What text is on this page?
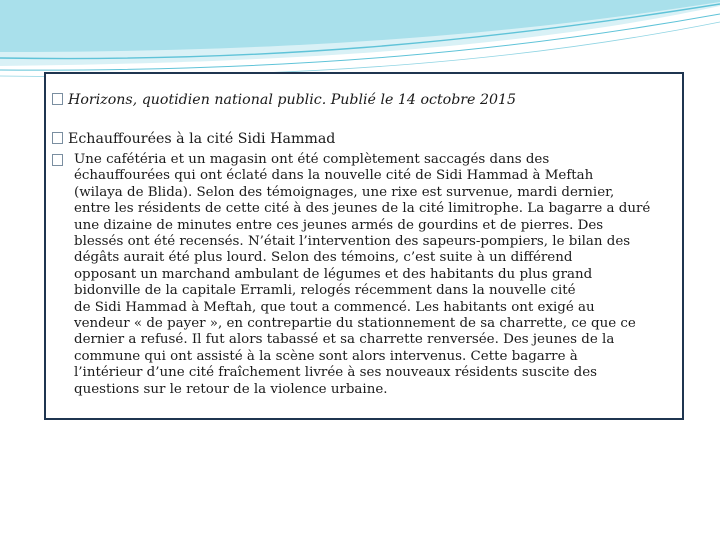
Horizons, quotidien national public. Publié le 14 octobre 2015
Echauffourées à la cité Sidi Hammad
Une cafétéria et un magasin ont été complètement saccagés dans des
échauffourées qui ont éclaté dans la nouvelle cité de Sidi Hammad à Meftah
(wilaya de Blida). Selon des témoignages, une rixe est survenue, mardi dernier,
entre les résidents de cette cité à des jeunes de la cité limitrophe. La bagarre a duré
une dizaine de minutes entre ces jeunes armés de gourdins et de pierres. Des
blessés ont été recensés. N’était l’intervention des sapeurs-pompiers, le bilan des
dégâts aurait été plus lourd. Selon des témoins, c’est suite à un différend
opposant un marchand ambulant de légumes et des habitants du plus grand
bidonville de la capitale Erramli, relogés récemment dans la nouvelle cité
de Sidi Hammad à Meftah, que tout a commencé. Les habitants ont exigé au
vendeur « de payer », en contrepartie du stationnement de sa charrette, ce que ce
dernier a refusé. Il fut alors tabassé et sa charrette renversée. Des jeunes de la
commune qui ont assisté à la scène sont alors intervenus. Cette bagarre à
l’intérieur d’une cité fraîchement livrée à ses nouveaux résidents suscite des
questions sur le retour de la violence urbaine.
